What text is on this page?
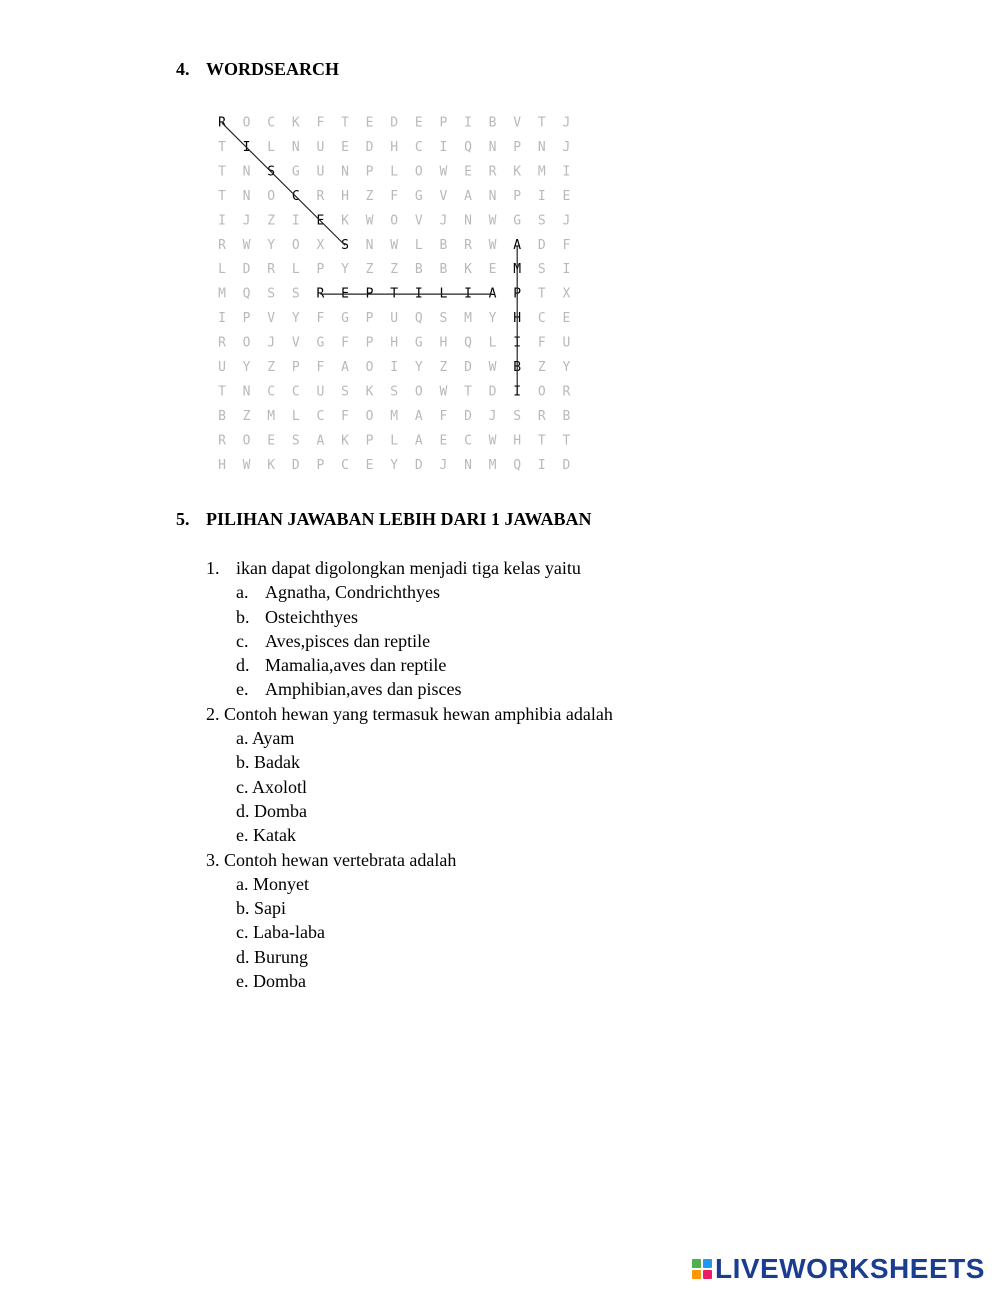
4. WORDSEARCH
R O C K F T E D E P I B V T J
T I L N U E D H C I Q N P N J
T N S G U N P L O W E R K M I
T N O C R H Z F G V A N P I E
I J Z I E K W O V J N W G S J
R W Y O X S N W L B R W A D F
L D R L P Y Z Z B B K E M S I
M Q S S R E P T I L I A P T X
I P V Y F G P U Q S M Y H C E
R O J V G F P H G H Q L I F U
U Y Z P F A O I Y Z D W B Z Y
T N C C U S K S O W T D I O R
B Z M L C F O M A F D J S R B
R O E S A K P L A E C W H T T
H W K D P C E Y D J N M Q I D
5. PILIHAN JAWABAN LEBIH DARI 1 JAWABAN
1. ikan dapat digolongkan menjadi tiga kelas yaitu
a. Agnatha, Condrichthyes
b. Osteichthyes
c. Aves,pisces dan reptile
d. Mamalia,aves dan reptile
e. Amphibian,aves dan pisces
2. Contoh hewan yang termasuk hewan amphibia adalah
a. Ayam
b. Badak
c. Axolotl
d. Domba
e. Katak
3. Contoh hewan vertebrata adalah
a. Monyet
b. Sapi
c. Laba-laba
d. Burung
e. Domba
LIVEWORKSHEETS
